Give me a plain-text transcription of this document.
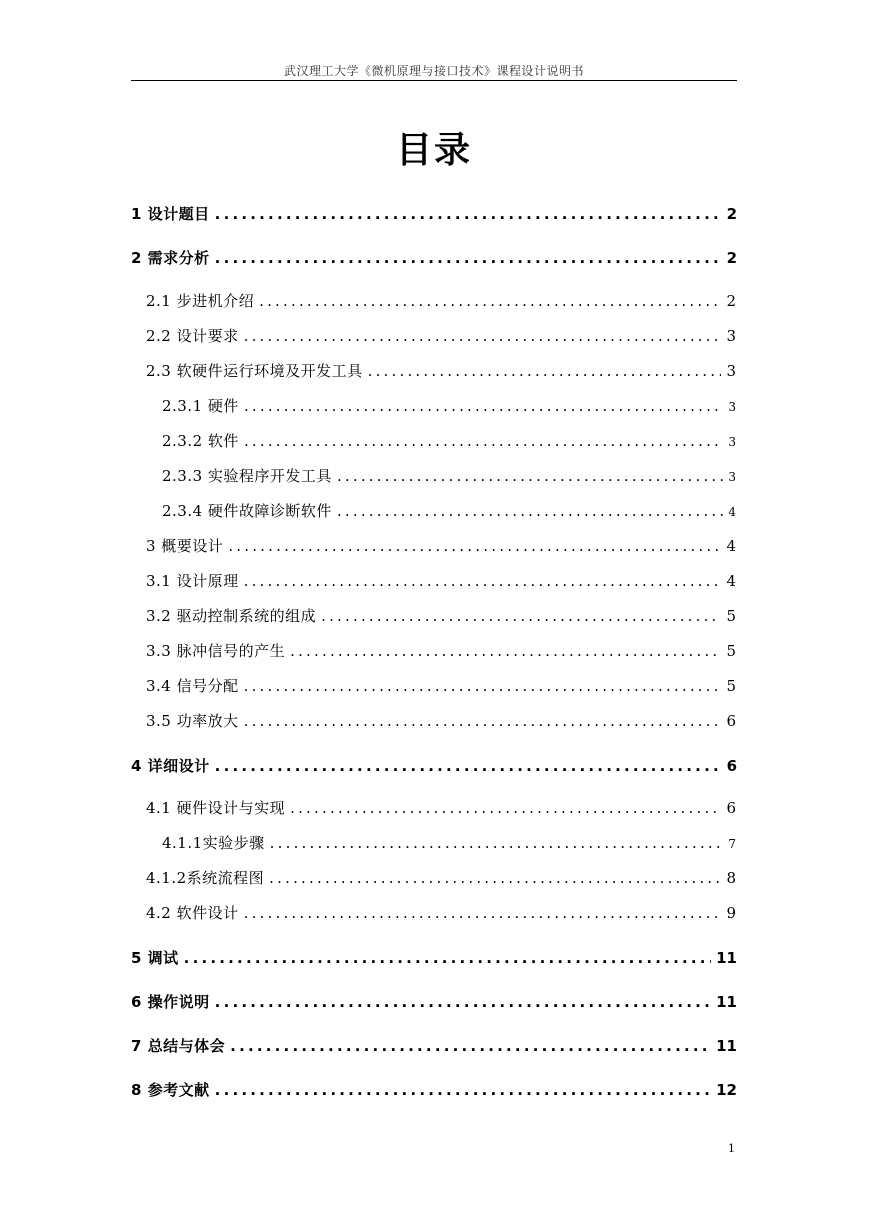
武汉理工大学《微机原理与接口技术》课程设计说明书
目录
1 设计题目 .....	2
2 需求分析 .....	2
2.1 步进机介绍 .....	2
2.2 设计要求 .....	3
2.3 软硬件运行环境及开发工具 .....	3
2.3.1 硬件 .....	3
2.3.2 软件 .....	3
2.3.3 实验程序开发工具 .....	3
2.3.4 硬件故障诊断软件 .....	4
3 概要设计 .....	4
3.1 设计原理 .....	4
3.2 驱动控制系统的组成 .....	5
3.3 脉冲信号的产生 .....	5
3.4 信号分配 .....	5
3.5 功率放大 .....	6
4 详细设计 .....	6
4.1 硬件设计与实现 .....	6
4.1.1实验步骤 .....	7
4.1.2系统流程图 .....	8
4.2 软件设计 .....	9
5 调试 .....	11
6 操作说明 .....	11
7 总结与体会 .....	11
8 参考文献 .....	12
1
